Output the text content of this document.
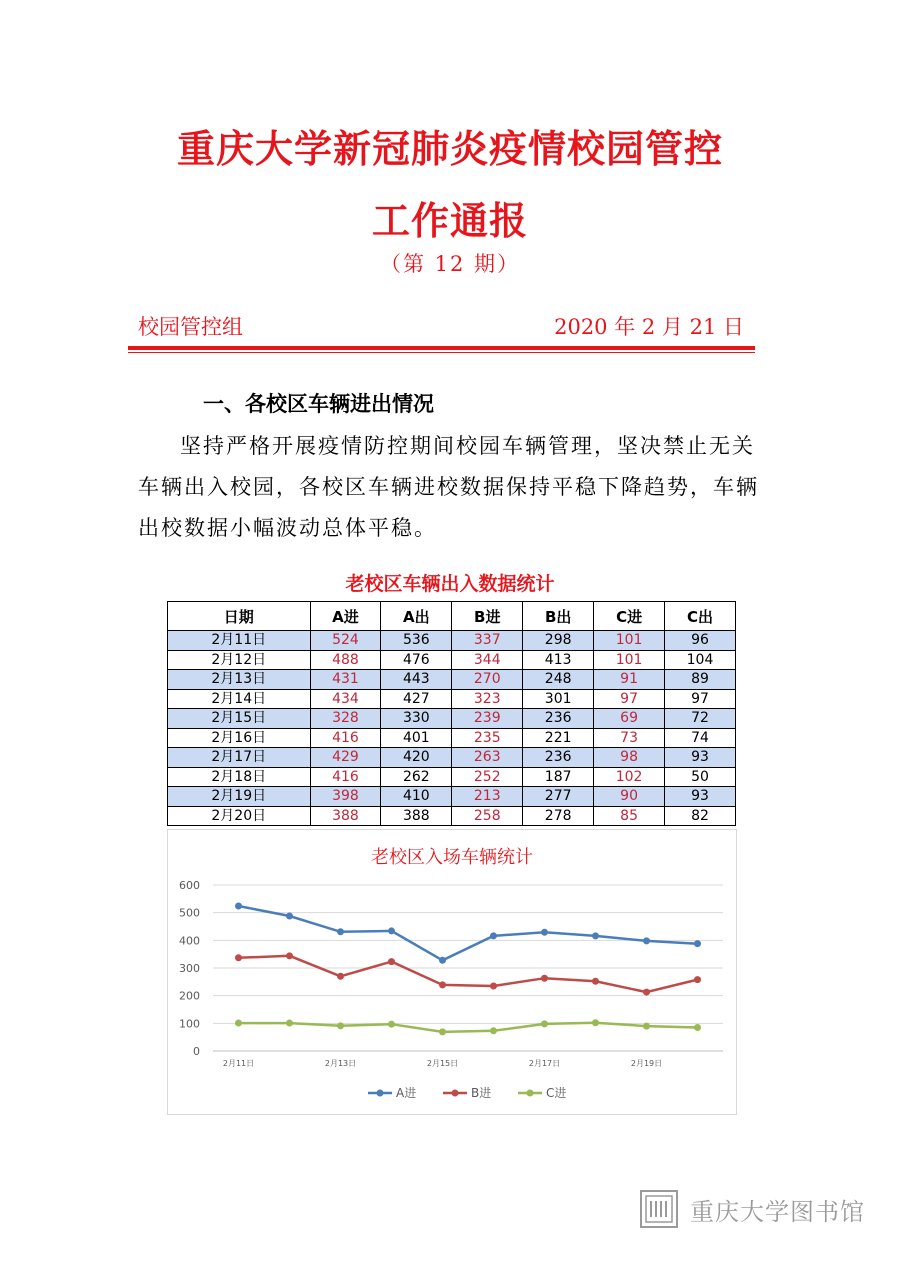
重庆大学新冠肺炎疫情校园管控
工作通报
（第 12 期）
校园管控组	2020 年 2 月 21 日
一、各校区车辆进出情况
坚持严格开展疫情防控期间校园车辆管理，坚决禁止无关车辆出入校园，各校区车辆进校数据保持平稳下降趋势，车辆出校数据小幅波动总体平稳。
老校区车辆出入数据统计
日期	A进	A出	B进	B出	C进	C出
2月11日	524	536	337	298	101	96
2月12日	488	476	344	413	101	104
2月13日	431	443	270	248	91	89
2月14日	434	427	323	301	97	97
2月15日	328	330	239	236	69	72
2月16日	416	401	235	221	73	74
2月17日	429	420	263	236	98	93
2月18日	416	262	252	187	102	50
2月19日	398	410	213	277	90	93
2月20日	388	388	258	278	85	82
老校区入场车辆统计
0
100
200
300
400
500
600
2月11日	2月13日	2月15日	2月17日	2月19日
A进	B进	C进
重庆大学图书馆
